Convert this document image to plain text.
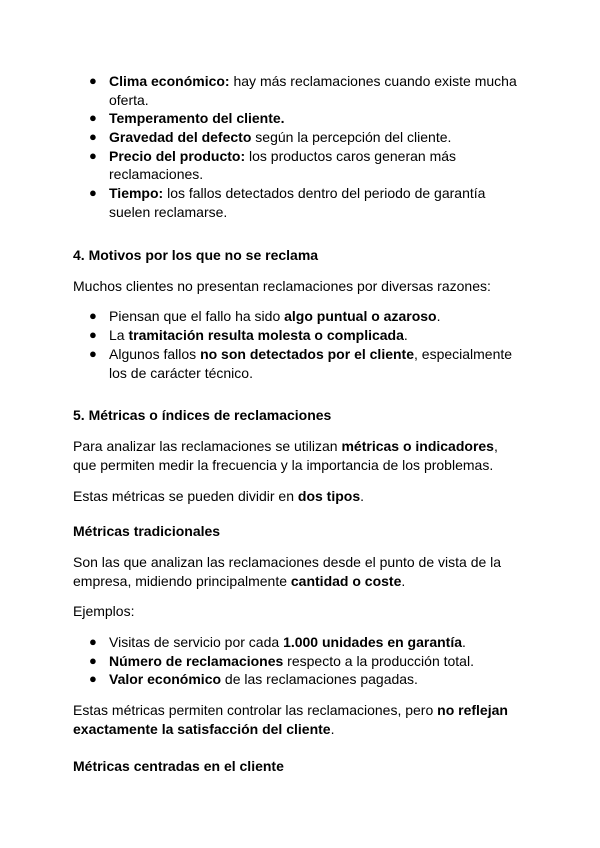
● Clima económico: hay más reclamaciones cuando existe mucha
oferta.
● Temperamento del cliente.
● Gravedad del defecto según la percepción del cliente.
● Precio del producto: los productos caros generan más
reclamaciones.
● Tiempo: los fallos detectados dentro del periodo de garantía
suelen reclamarse.
4. Motivos por los que no se reclama
Muchos clientes no presentan reclamaciones por diversas razones:
● Piensan que el fallo ha sido algo puntual o azaroso.
● La tramitación resulta molesta o complicada.
● Algunos fallos no son detectados por el cliente, especialmente
los de carácter técnico.
5. Métricas o índices de reclamaciones
Para analizar las reclamaciones se utilizan métricas o indicadores,
que permiten medir la frecuencia y la importancia de los problemas.
Estas métricas se pueden dividir en dos tipos.
Métricas tradicionales
Son las que analizan las reclamaciones desde el punto de vista de la
empresa, midiendo principalmente cantidad o coste.
Ejemplos:
● Visitas de servicio por cada 1.000 unidades en garantía.
● Número de reclamaciones respecto a la producción total.
● Valor económico de las reclamaciones pagadas.
Estas métricas permiten controlar las reclamaciones, pero no reflejan
exactamente la satisfacción del cliente.
Métricas centradas en el cliente
